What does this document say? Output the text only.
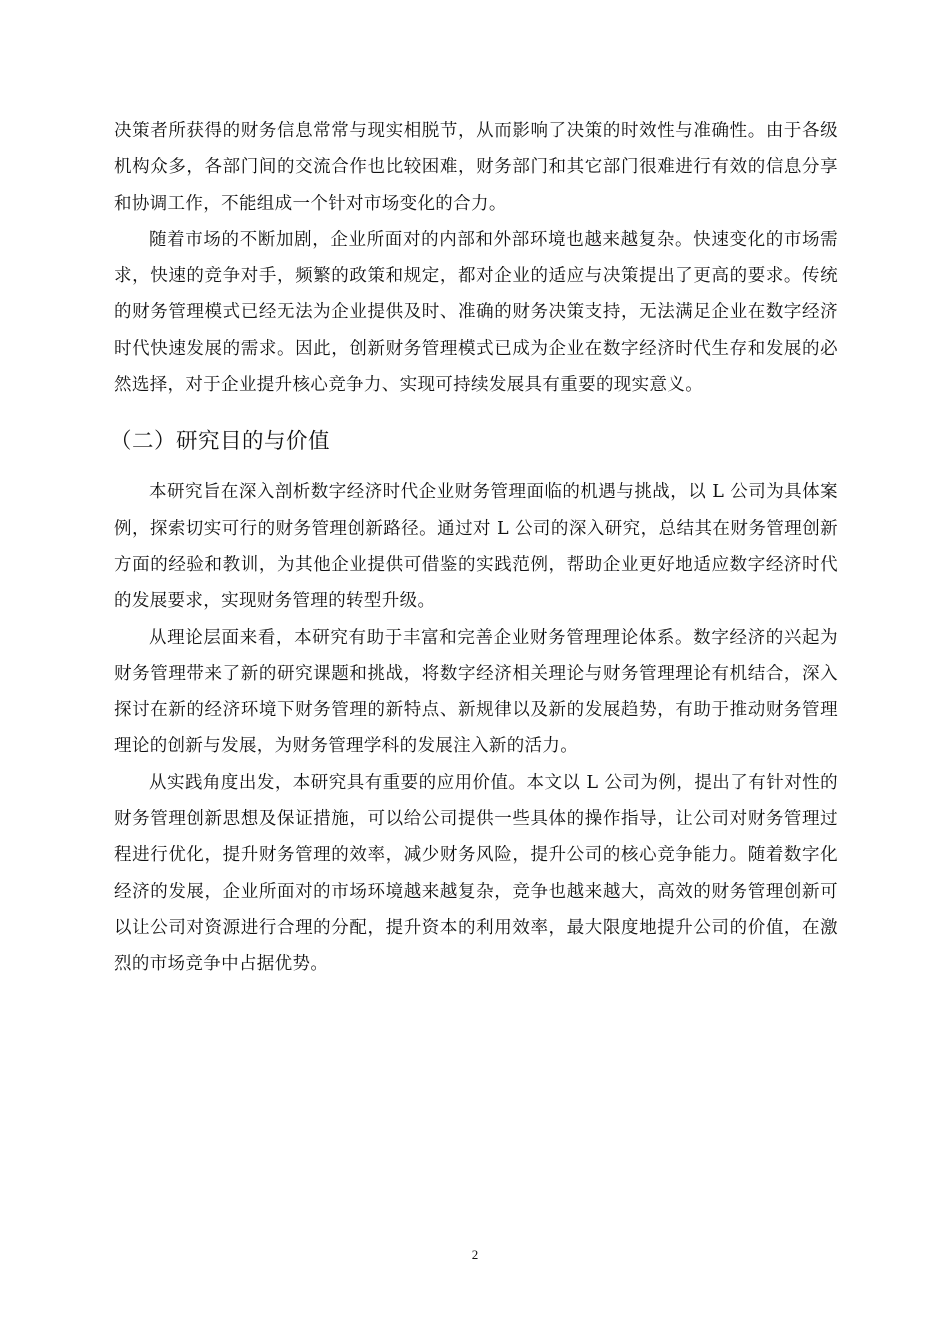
决策者所获得的财务信息常常与现实相脱节，从而影响了决策的时效性与准确性。由于各级机构众多，各部门间的交流合作也比较困难，财务部门和其它部门很难进行有效的信息分享和协调工作，不能组成一个针对市场变化的合力。

随着市场的不断加剧，企业所面对的内部和外部环境也越来越复杂。快速变化的市场需求，快速的竞争对手，频繁的政策和规定，都对企业的适应与决策提出了更高的要求。传统的财务管理模式已经无法为企业提供及时、准确的财务决策支持，无法满足企业在数字经济时代快速发展的需求。因此，创新财务管理模式已成为企业在数字经济时代生存和发展的必然选择，对于企业提升核心竞争力、实现可持续发展具有重要的现实意义。

（二）研究目的与价值

本研究旨在深入剖析数字经济时代企业财务管理面临的机遇与挑战，以 L 公司为具体案例，探索切实可行的财务管理创新路径。通过对 L 公司的深入研究，总结其在财务管理创新方面的经验和教训，为其他企业提供可借鉴的实践范例，帮助企业更好地适应数字经济时代的发展要求，实现财务管理的转型升级。

从理论层面来看，本研究有助于丰富和完善企业财务管理理论体系。数字经济的兴起为财务管理带来了新的研究课题和挑战，将数字经济相关理论与财务管理理论有机结合，深入探讨在新的经济环境下财务管理的新特点、新规律以及新的发展趋势，有助于推动财务管理理论的创新与发展，为财务管理学科的发展注入新的活力。

从实践角度出发，本研究具有重要的应用价值。本文以 L 公司为例，提出了有针对性的财务管理创新思想及保证措施，可以给公司提供一些具体的操作指导，让公司对财务管理过程进行优化，提升财务管理的效率，减少财务风险，提升公司的核心竞争能力。随着数字化经济的发展，企业所面对的市场环境越来越复杂，竞争也越来越大，高效的财务管理创新可以让公司对资源进行合理的分配，提升资本的利用效率，最大限度地提升公司的价值，在激烈的市场竞争中占据优势。

2
